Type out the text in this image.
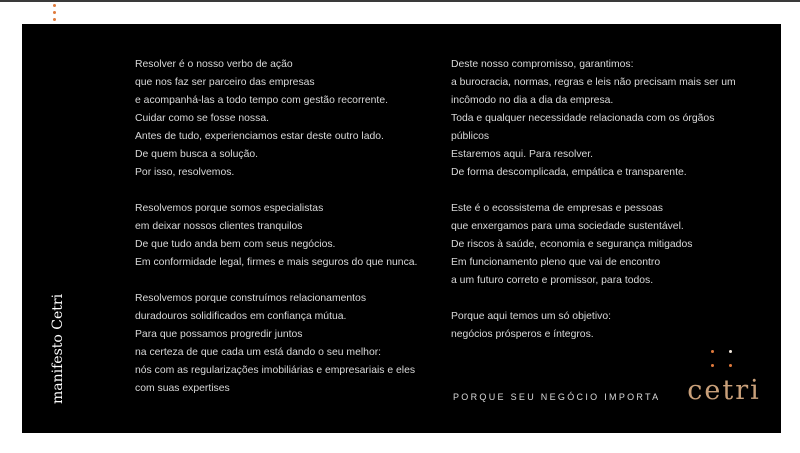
manifesto Cetri

Resolver é o nosso verbo de ação
que nos faz ser parceiro das empresas
e acompanhá-las a todo tempo com gestão recorrente.
Cuidar como se fosse nossa.
Antes de tudo, experienciamos estar deste outro lado.
De quem busca a solução.
Por isso, resolvemos.

Resolvemos porque somos especialistas
em deixar nossos clientes tranquilos
De que tudo anda bem com seus negócios.
Em conformidade legal, firmes e mais seguros do que nunca.

Resolvemos porque construímos relacionamentos
duradouros solidificados em confiança mútua.
Para que possamos progredir juntos
na certeza de que cada um está dando o seu melhor:
nós com as regularizações imobiliárias e empresariais e eles
com suas expertises

Deste nosso compromisso, garantimos:
a burocracia, normas, regras e leis não precisam mais ser um
incômodo no dia a dia da empresa.
Toda e qualquer necessidade relacionada com os órgãos
públicos
Estaremos aqui. Para resolver.
De forma descomplicada, empática e transparente.

Este é o ecossistema de empresas e pessoas
que enxergamos para uma sociedade sustentável.
De riscos à saúde, economia e segurança mitigados
Em funcionamento pleno que vai de encontro
a um futuro correto e promissor, para todos.

Porque aqui temos um só objetivo:
negócios prósperos e íntegros.

PORQUE SEU NEGÓCIO IMPORTA cetri
